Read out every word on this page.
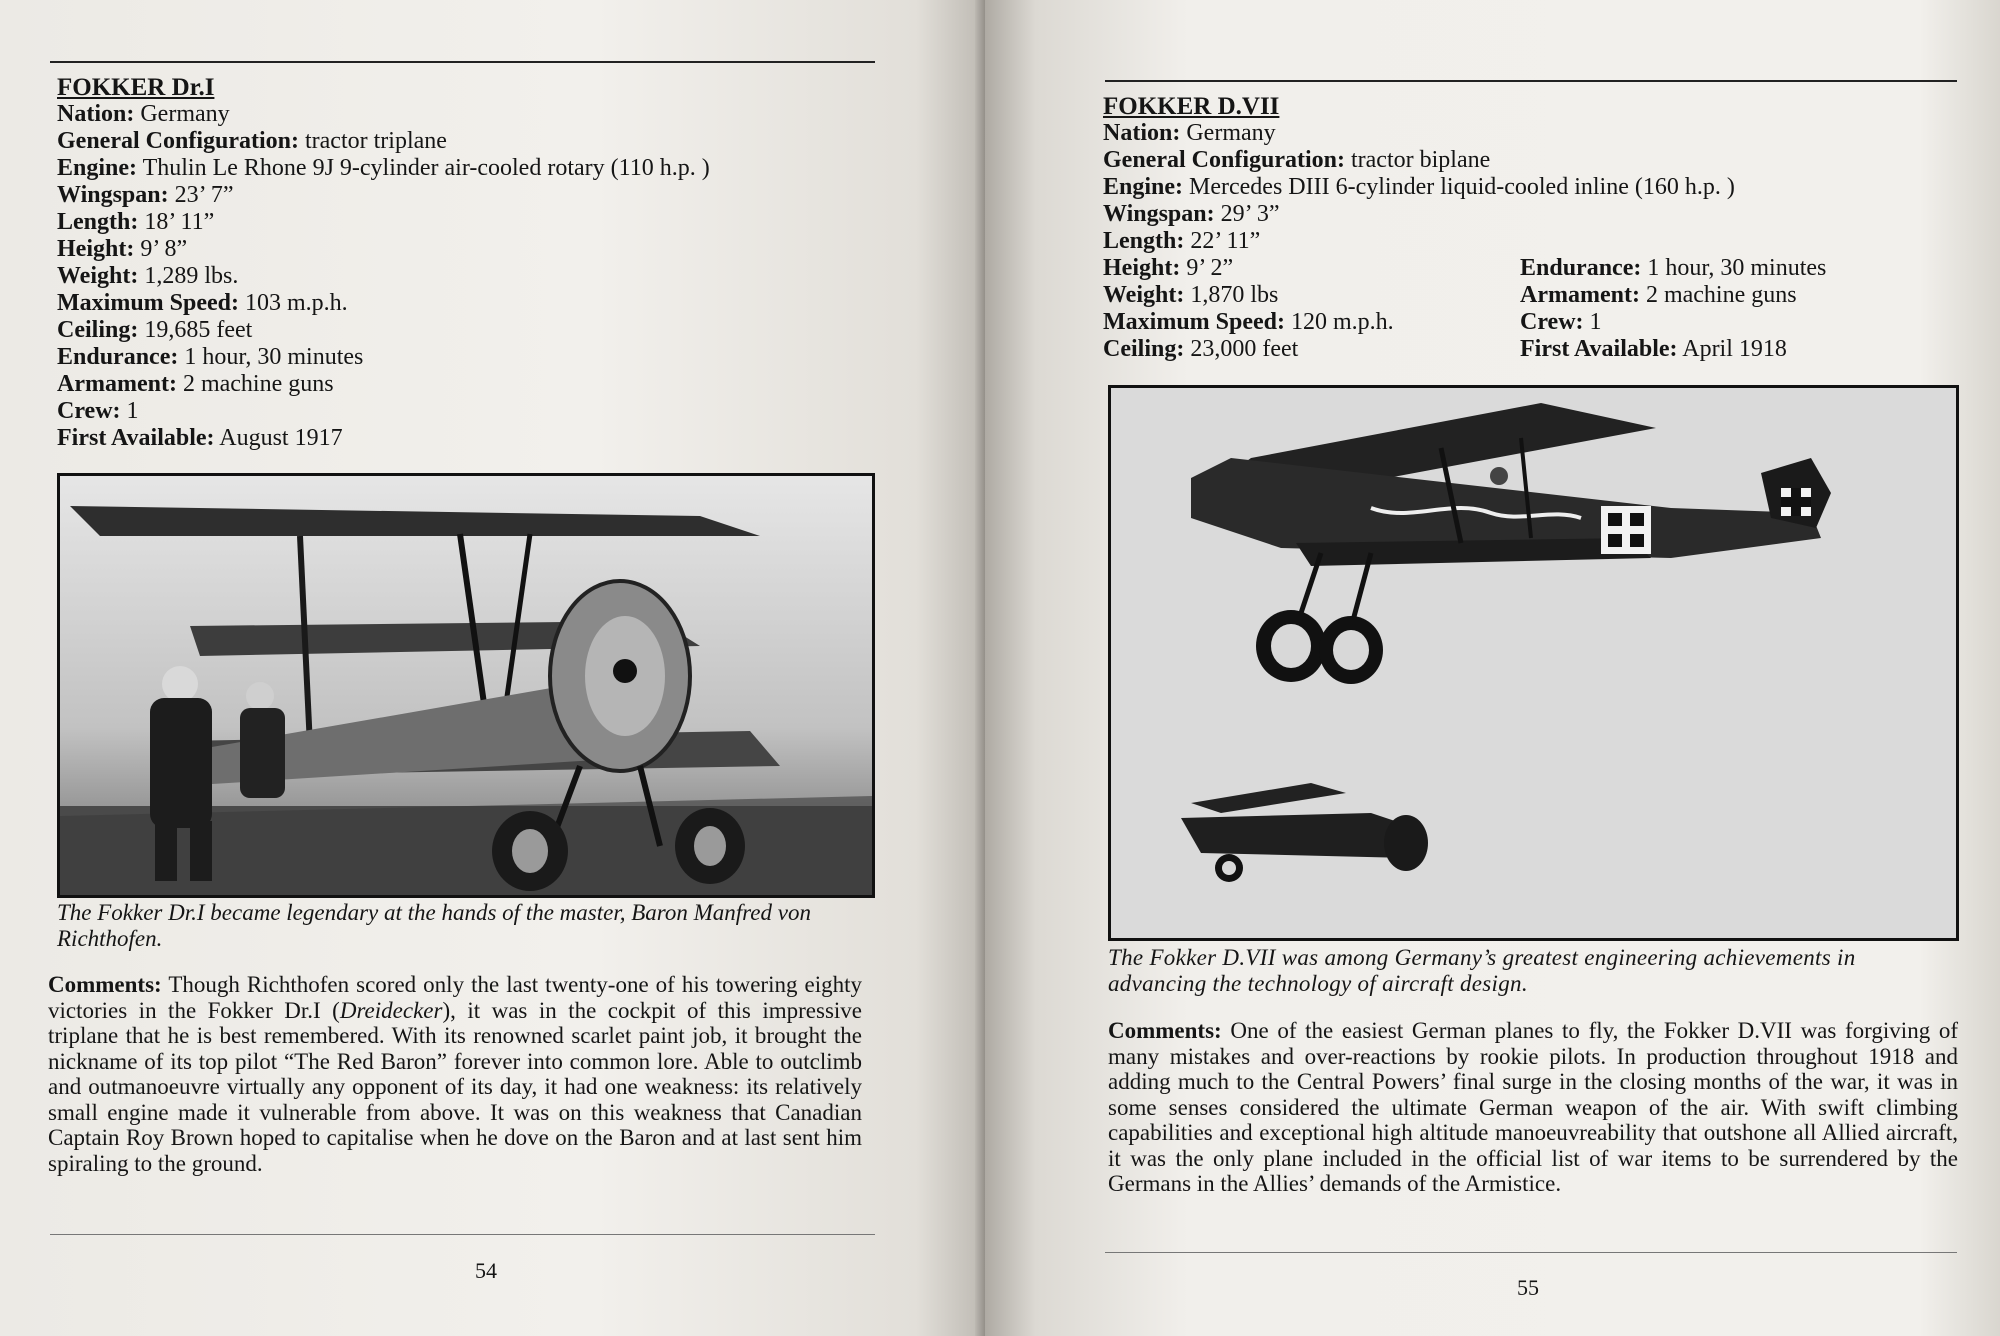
FOKKER Dr.I
Nation: Germany
General Configuration: tractor triplane
Engine: Thulin Le Rhone 9J 9-cylinder air-cooled rotary (110 h.p. )
Wingspan: 23’ 7”
Length: 18’ 11”
Height: 9’ 8”
Weight: 1,289 lbs.
Maximum Speed: 103 m.p.h.
Ceiling: 19,685 feet
Endurance: 1 hour, 30 minutes
Armament: 2 machine guns
Crew: 1
First Available: August 1917
The Fokker Dr.I became legendary at the hands of the master, Baron Manfred von Richthofen.
Comments: Though Richthofen scored only the last twenty-one of his towering eighty victories in the Fokker Dr.I (Dreidecker), it was in the cockpit of this impressive triplane that he is best remembered. With its renowned scarlet paint job, it brought the nickname of its top pilot “The Red Baron” forever into common lore. Able to outclimb and outmanoeuvre virtually any opponent of its day, it had one weakness: its relatively small engine made it vulnerable from above. It was on this weakness that Canadian Captain Roy Brown hoped to capitalise when he dove on the Baron and at last sent him spiraling to the ground.
54
FOKKER D.VII
Nation: Germany
General Configuration: tractor biplane
Engine: Mercedes DIII 6-cylinder liquid-cooled inline (160 h.p. )
Wingspan: 29’ 3”
Length: 22’ 11”
Height: 9’ 2”
Weight: 1,870 lbs
Maximum Speed: 120 m.p.h.
Ceiling: 23,000 feet
Endurance: 1 hour, 30 minutes
Armament: 2 machine guns
Crew: 1
First Available: April 1918
The Fokker D.VII was among Germany’s greatest engineering achievements in advancing the technology of aircraft design.
Comments: One of the easiest German planes to fly, the Fokker D.VII was forgiving of many mistakes and over-reactions by rookie pilots. In production throughout 1918 and adding much to the Central Powers’ final surge in the closing months of the war, it was in some senses considered the ultimate German weapon of the air. With swift climbing capabilities and exceptional high altitude manoeuvreability that outshone all Allied aircraft, it was the only plane included in the official list of war items to be surrendered by the Germans in the Allies’ demands of the Armistice.
55
